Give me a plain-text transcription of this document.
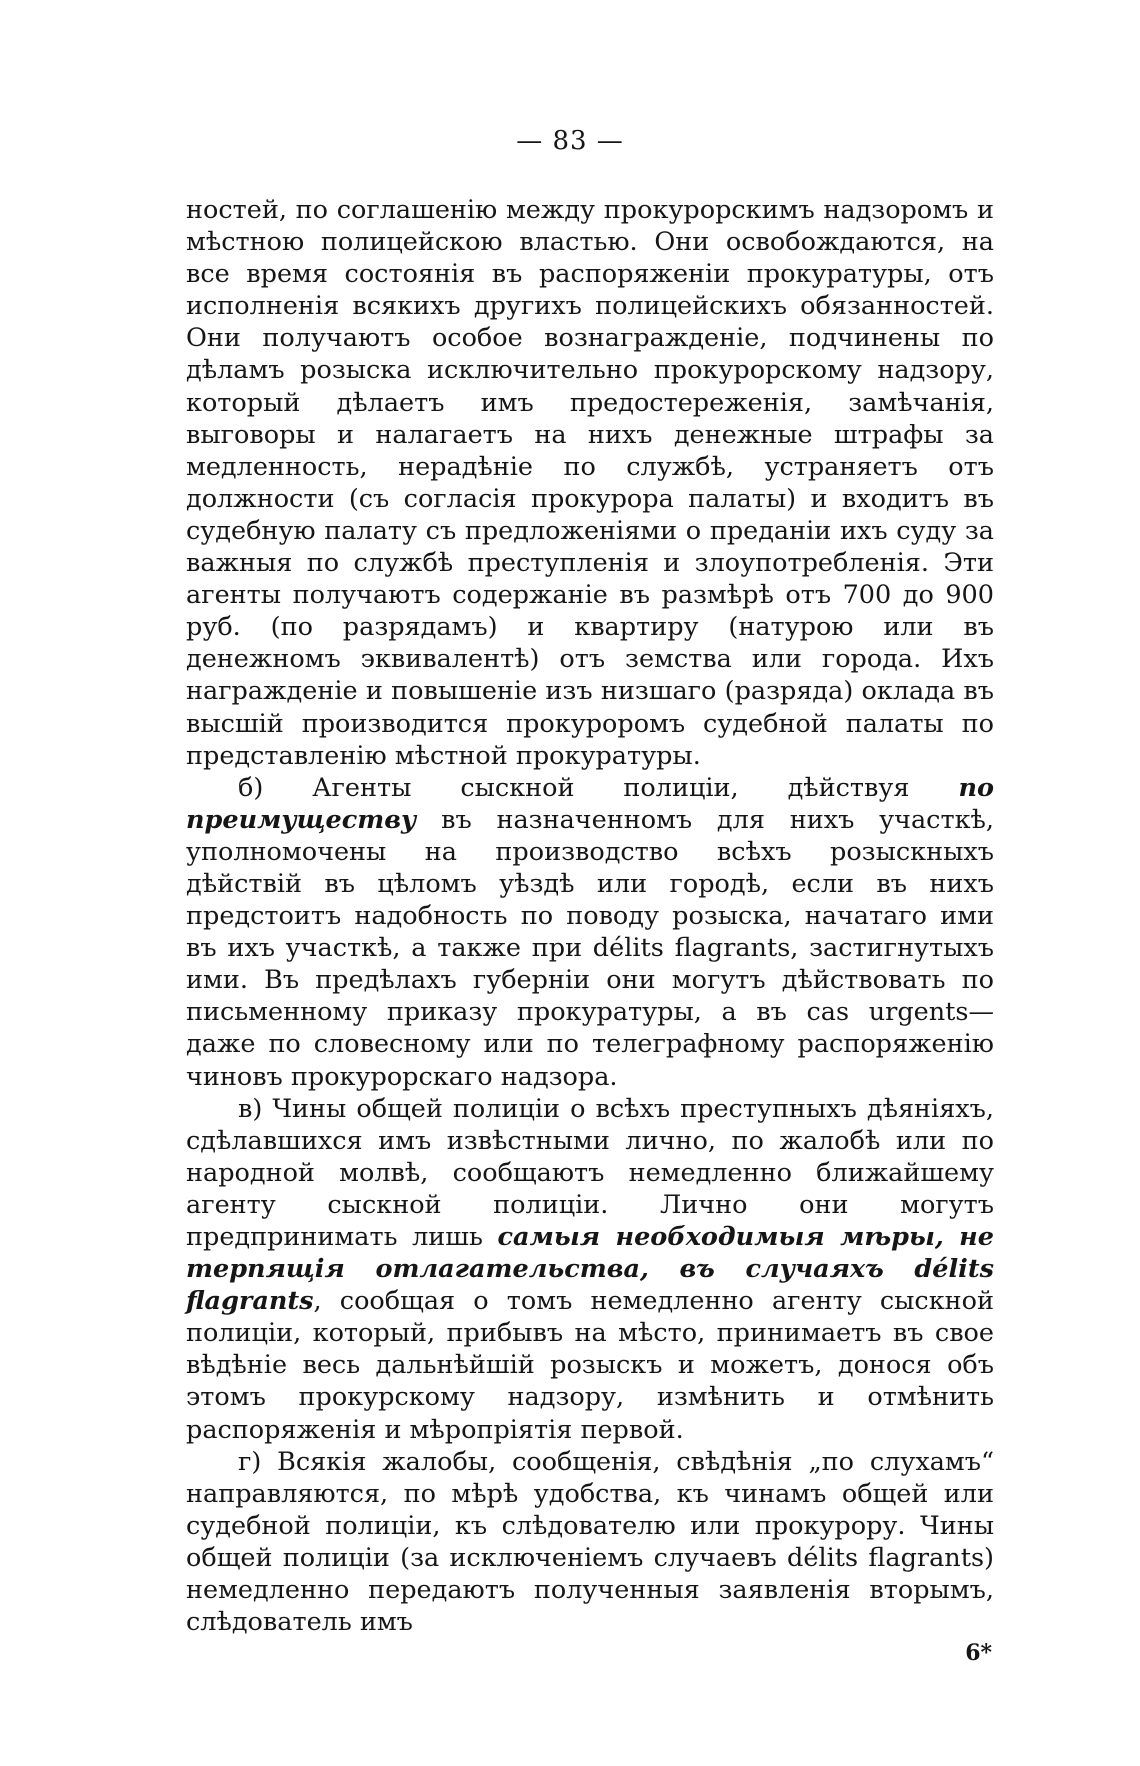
— 83 —

ностей, по соглашенію между прокурорскимъ надзоромъ и мѣстною полицейскою властью. Они освобождаются, на все время состоянія въ распоряженіи прокуратуры, отъ исполненія всякихъ другихъ полицейскихъ обязанностей. Они получаютъ особое вознагражденіе, подчинены по дѣламъ розыска исключительно прокурорскому надзору, который дѣлаетъ имъ предостереженія, замѣчанія, выговоры и налагаетъ на нихъ денежные штрафы за медленность, нерадѣніе по службѣ, устраняетъ отъ должности (съ согласія прокурора палаты) и входитъ въ судебную палату съ предложеніями о преданіи ихъ суду за важныя по службѣ преступленія и злоупотребленія. Эти агенты получаютъ содержаніе въ размѣрѣ отъ 700 до 900 руб. (по разрядамъ) и квартиру (натурою или въ денежномъ эквивалентѣ) отъ земства или города. Ихъ награжденіе и повышеніе изъ низшаго (разряда) оклада въ высшій производится прокуроромъ судебной палаты по представленію мѣстной прокуратуры.

б) Агенты сыскной полиціи, дѣйствуя по преимуществу въ назначенномъ для нихъ участкѣ, уполномочены на производство всѣхъ розыскныхъ дѣйствій въ цѣломъ уѣздѣ или городѣ, если въ нихъ предстоитъ надобность по поводу розыска, начатаго ими въ ихъ участкѣ, а также при délits flagrants, застигнутыхъ ими. Въ предѣлахъ губерніи они могутъ дѣйствовать по письменному приказу прокуратуры, а въ cas urgents—даже по словесному или по телеграфному распоряженію чиновъ прокурорскаго надзора.

в) Чины общей полиціи о всѣхъ преступныхъ дѣяніяхъ, сдѣлавшихся имъ извѣстными лично, по жалобѣ или по народной молвѣ, сообщаютъ немедленно ближайшему агенту сыскной полиціи. Лично они могутъ предпринимать лишь самыя необходимыя мѣры, не терпящія отлагательства, въ случаяхъ délits flagrants, сообщая о томъ немедленно агенту сыскной полиціи, который, прибывъ на мѣсто, принимаетъ въ свое вѣдѣніе весь дальнѣйшій розыскъ и можетъ, донося объ этомъ прокурскому надзору, измѣнить и отмѣнить распоряженія и мѣропріятія первой.

г) Всякія жалобы, сообщенія, свѣдѣнія „по слухамъ“ направляются, по мѣрѣ удобства, къ чинамъ общей или судебной полиціи, къ слѣдователю или прокурору. Чины общей полиціи (за исключеніемъ случаевъ délits flagrants) немедленно передаютъ полученныя заявленія вторымъ, слѣдователь имъ

6*
